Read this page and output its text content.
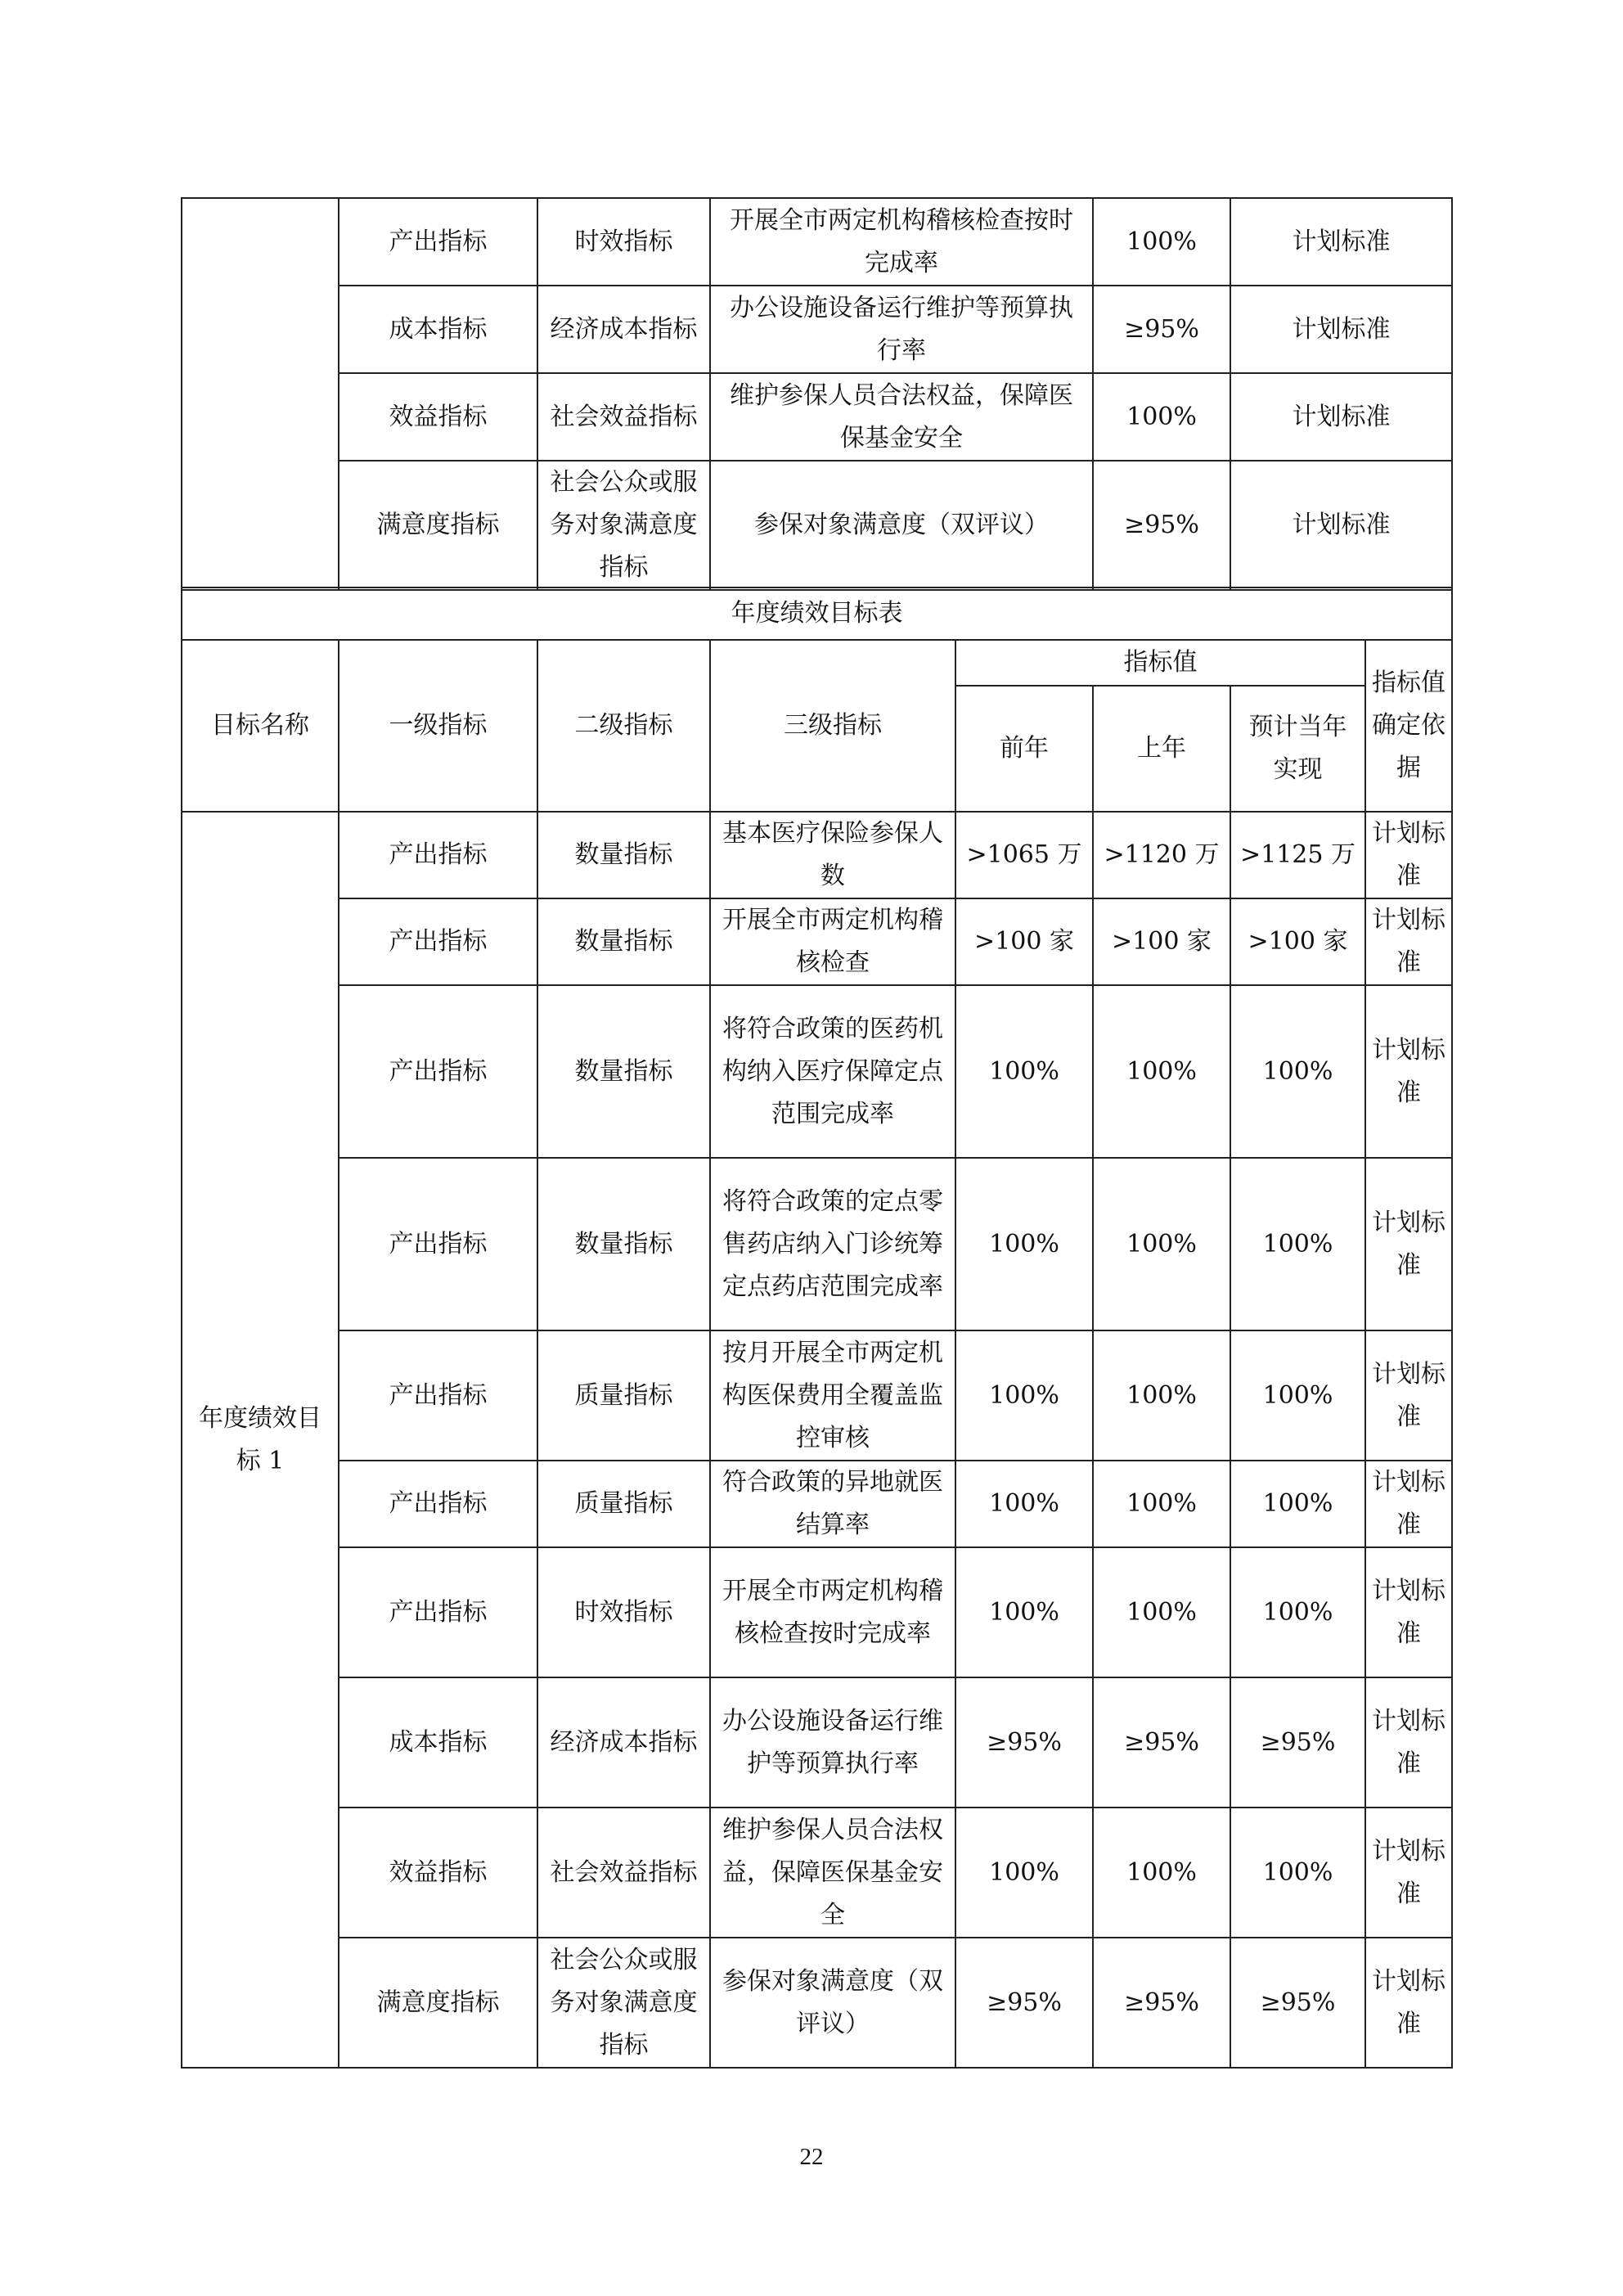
	产出指标	时效指标	开展全市两定机构稽核检查按时完成率	100%	计划标准
	成本指标	经济成本指标	办公设施设备运行维护等预算执行率	≥95%	计划标准
	效益指标	社会效益指标	维护参保人员合法权益，保障医保基金安全	100%	计划标准
	满意度指标	社会公众或服务对象满意度指标	参保对象满意度（双评议）	≥95%	计划标准
年度绩效目标表							
目标名称	一级指标	二级指标	三级指标	指标值			指标值确定依据
				前年	上年	预计当年实现	
年度绩效目标 1	产出指标	数量指标	基本医疗保险参保人数	>1065 万	>1120 万	>1125 万	计划标准
	产出指标	数量指标	开展全市两定机构稽核检查	>100 家	>100 家	>100 家	计划标准
	产出指标	数量指标	将符合政策的医药机构纳入医疗保障定点范围完成率	100%	100%	100%	计划标准
	产出指标	数量指标	将符合政策的定点零售药店纳入门诊统筹定点药店范围完成率	100%	100%	100%	计划标准
	产出指标	质量指标	按月开展全市两定机构医保费用全覆盖监控审核	100%	100%	100%	计划标准
	产出指标	质量指标	符合政策的异地就医结算率	100%	100%	100%	计划标准
	产出指标	时效指标	开展全市两定机构稽核检查按时完成率	100%	100%	100%	计划标准
	成本指标	经济成本指标	办公设施设备运行维护等预算执行率	≥95%	≥95%	≥95%	计划标准
	效益指标	社会效益指标	维护参保人员合法权益，保障医保基金安全	100%	100%	100%	计划标准
	满意度指标	社会公众或服务对象满意度指标	参保对象满意度（双评议）	≥95%	≥95%	≥95%	计划标准
22
